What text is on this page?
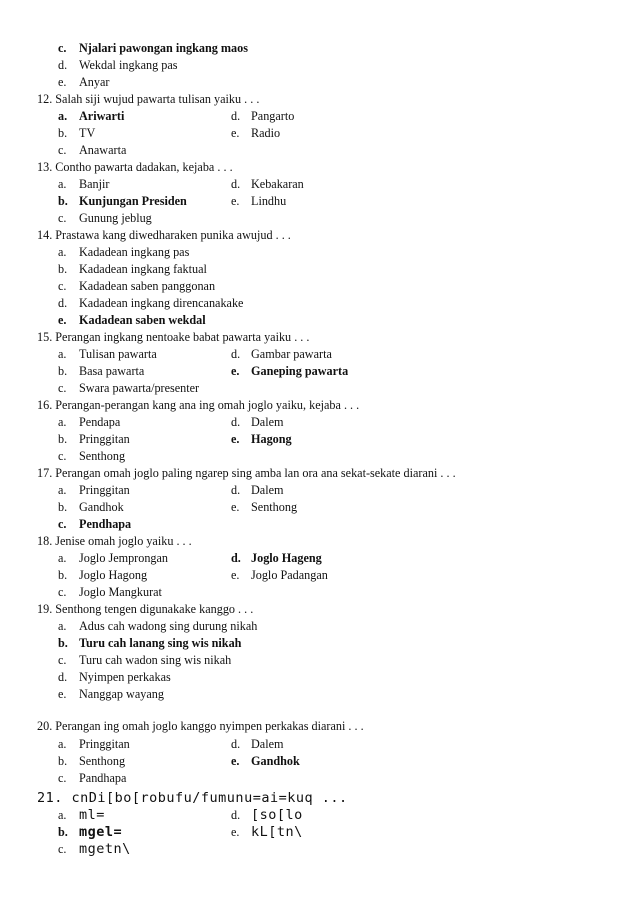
c.	Njalari pawongan ingkang maos
d. Wekdal ingkang pas
e.	Anyar
12. Salah siji wujud pawarta tulisan yaiku . . .
a. Ariwarti	d. Pangarto
b. TV	e. Radio
c.	Anawarta
13. Contho pawarta dadakan, kejaba . . .
a.	Banjir	d. Kebakaran
b. Kunjungan Presiden	e. Lindhu
c.	Gunung jeblug
14. Prastawa kang diwedharaken punika awujud . . .
a.	Kadadean ingkang pas
b. Kadadean ingkang faktual
c.	Kadadean saben panggonan
d. Kadadean ingkang direncanakake
e.	Kadadean saben wekdal
15. Perangan ingkang nentoake babat pawarta yaiku . . .
a.	Tulisan pawarta	d. Gambar pawarta
b. Basa pawarta	e. Ganeping pawarta
c.	Swara pawarta/presenter
16. Perangan-perangan kang ana ing omah joglo yaiku, kejaba . . .
a.	Pendapa	d. Dalem
b. Pringgitan	e. Hagong
c.	Senthong
17. Perangan omah joglo paling ngarep sing amba lan ora ana sekat-sekate diarani . . .
a.	Pringgitan	d. Dalem
b. Gandhok	e. Senthong
c.	Pendhapa
18. Jenise omah joglo yaiku . . .
a.	Joglo Jemprongan	d. Joglo Hageng
b. Joglo Hagong	e. Joglo Padangan
c.	Joglo Mangkurat
19. Senthong tengen digunakake kanggo . . .
a.	Adus cah wadong sing durung nikah
b. Turu cah lanang sing wis nikah
c.	Turu cah wadon sing wis nikah
d. Nyimpen perkakas
e.	Nanggap wayang
20. Perangan ing omah joglo kanggo nyimpen perkakas diarani . . .
a.	Pringgitan	d. Dalem
b. Senthong	e. Gandhok
c.	Pandhapa
21. cnDi[bo[robufu/fumunu=ai=kuq ...
a. ml=	d. [so[lo
b. mgel=	e. kL[tn\
c. mgetn\
